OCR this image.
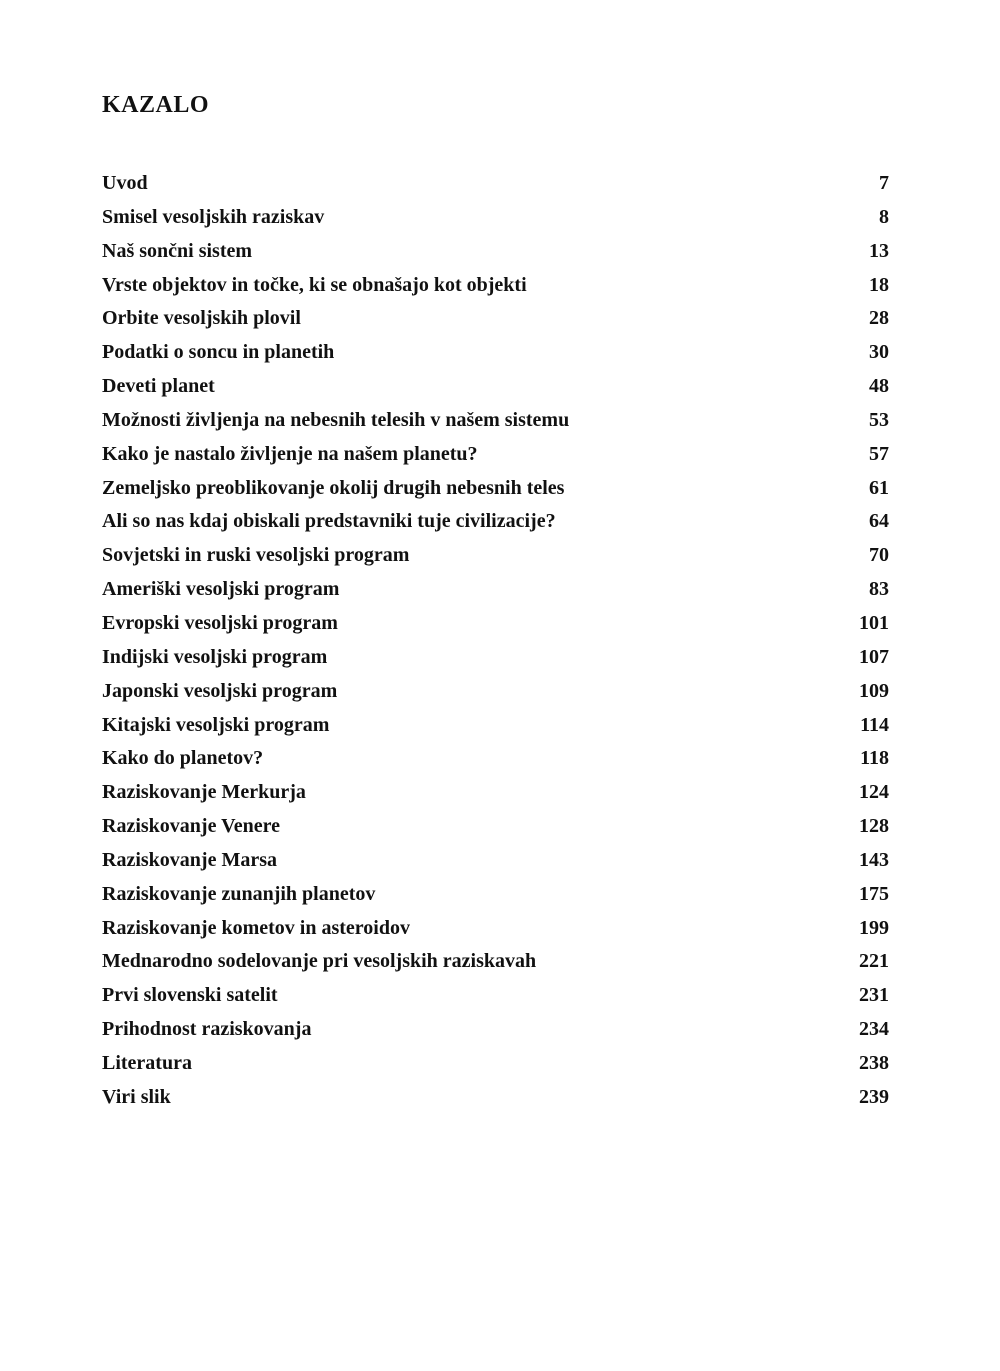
KAZALO
Uvod	7
Smisel vesoljskih raziskav	8
Naš sončni sistem	13
Vrste objektov in točke, ki se obnašajo kot objekti	18
Orbite vesoljskih plovil	28
Podatki o soncu in planetih	30
Deveti planet	48
Možnosti življenja na nebesnih telesih v našem sistemu	53
Kako je nastalo življenje na našem planetu?	57
Zemeljsko preoblikovanje okolij drugih nebesnih teles	61
Ali so nas kdaj obiskali predstavniki tuje civilizacije?	64
Sovjetski in ruski vesoljski program	70
Ameriški vesoljski program	83
Evropski vesoljski program	101
Indijski vesoljski program	107
Japonski vesoljski program	109
Kitajski vesoljski program	114
Kako do planetov?	118
Raziskovanje Merkurja	124
Raziskovanje Venere	128
Raziskovanje Marsa	143
Raziskovanje zunanjih planetov	175
Raziskovanje kometov in asteroidov	199
Mednarodno sodelovanje pri vesoljskih raziskavah	221
Prvi slovenski satelit	231
Prihodnost raziskovanja	234
Literatura	238
Viri slik	239
